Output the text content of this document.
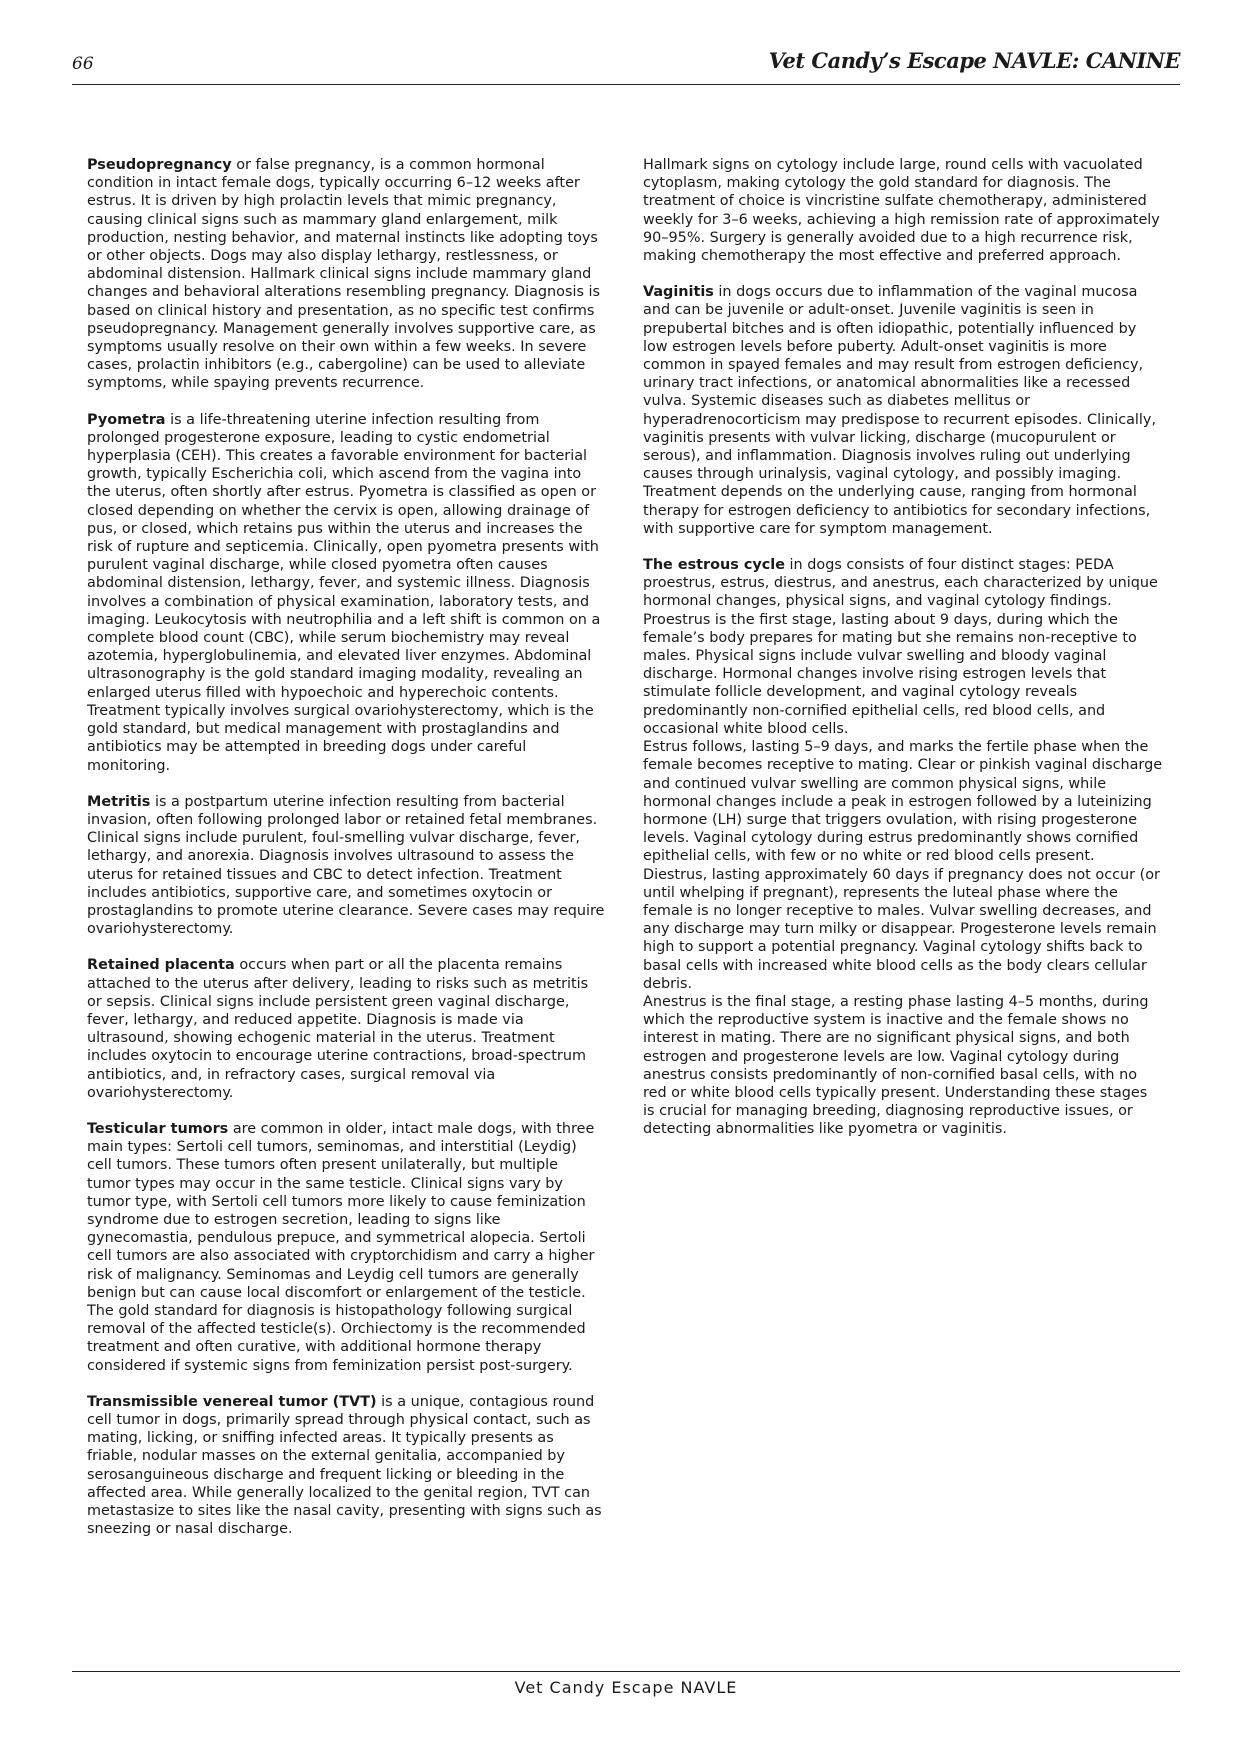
66	Vet Candy’s Escape NAVLE: CANINE

Pseudopregnancy or false pregnancy, is a common hormonal condition in intact female dogs, typically occurring 6–12 weeks after estrus. It is driven by high prolactin levels that mimic pregnancy, causing clinical signs such as mammary gland enlargement, milk production, nesting behavior, and maternal instincts like adopting toys or other objects. Dogs may also display lethargy, restlessness, or abdominal distension. Hallmark clinical signs include mammary gland changes and behavioral alterations resembling pregnancy. Diagnosis is based on clinical history and presentation, as no specific test confirms pseudopregnancy. Management generally involves supportive care, as symptoms usually resolve on their own within a few weeks. In severe cases, prolactin inhibitors (e.g., cabergoline) can be used to alleviate symptoms, while spaying prevents recurrence.

Pyometra is a life-threatening uterine infection resulting from prolonged progesterone exposure, leading to cystic endometrial hyperplasia (CEH). This creates a favorable environment for bacterial growth, typically Escherichia coli, which ascend from the vagina into the uterus, often shortly after estrus. Pyometra is classified as open or closed depending on whether the cervix is open, allowing drainage of pus, or closed, which retains pus within the uterus and increases the risk of rupture and septicemia. Clinically, open pyometra presents with purulent vaginal discharge, while closed pyometra often causes abdominal distension, lethargy, fever, and systemic illness. Diagnosis involves a combination of physical examination, laboratory tests, and imaging. Leukocytosis with neutrophilia and a left shift is common on a complete blood count (CBC), while serum biochemistry may reveal azotemia, hyperglobulinemia, and elevated liver enzymes. Abdominal ultrasonography is the gold standard imaging modality, revealing an enlarged uterus filled with hypoechoic and hyperechoic contents. Treatment typically involves surgical ovariohysterectomy, which is the gold standard, but medical management with prostaglandins and antibiotics may be attempted in breeding dogs under careful monitoring.

Metritis is a postpartum uterine infection resulting from bacterial invasion, often following prolonged labor or retained fetal membranes. Clinical signs include purulent, foul-smelling vulvar discharge, fever, lethargy, and anorexia. Diagnosis involves ultrasound to assess the uterus for retained tissues and CBC to detect infection. Treatment includes antibiotics, supportive care, and sometimes oxytocin or prostaglandins to promote uterine clearance. Severe cases may require ovariohysterectomy.

Retained placenta occurs when part or all the placenta remains attached to the uterus after delivery, leading to risks such as metritis or sepsis. Clinical signs include persistent green vaginal discharge, fever, lethargy, and reduced appetite. Diagnosis is made via ultrasound, showing echogenic material in the uterus. Treatment includes oxytocin to encourage uterine contractions, broad-spectrum antibiotics, and, in refractory cases, surgical removal via ovariohysterectomy.

Testicular tumors are common in older, intact male dogs, with three main types: Sertoli cell tumors, seminomas, and interstitial (Leydig) cell tumors. These tumors often present unilaterally, but multiple tumor types may occur in the same testicle. Clinical signs vary by tumor type, with Sertoli cell tumors more likely to cause feminization syndrome due to estrogen secretion, leading to signs like gynecomastia, pendulous prepuce, and symmetrical alopecia. Sertoli cell tumors are also associated with cryptorchidism and carry a higher risk of malignancy. Seminomas and Leydig cell tumors are generally benign but can cause local discomfort or enlargement of the testicle. The gold standard for diagnosis is histopathology following surgical removal of the affected testicle(s). Orchiectomy is the recommended treatment and often curative, with additional hormone therapy considered if systemic signs from feminization persist post-surgery.

Transmissible venereal tumor (TVT) is a unique, contagious round cell tumor in dogs, primarily spread through physical contact, such as mating, licking, or sniffing infected areas. It typically presents as friable, nodular masses on the external genitalia, accompanied by serosanguineous discharge and frequent licking or bleeding in the affected area. While generally localized to the genital region, TVT can metastasize to sites like the nasal cavity, presenting with signs such as sneezing or nasal discharge.

Hallmark signs on cytology include large, round cells with vacuolated cytoplasm, making cytology the gold standard for diagnosis. The treatment of choice is vincristine sulfate chemotherapy, administered weekly for 3–6 weeks, achieving a high remission rate of approximately 90–95%. Surgery is generally avoided due to a high recurrence risk, making chemotherapy the most effective and preferred approach.

Vaginitis in dogs occurs due to inflammation of the vaginal mucosa and can be juvenile or adult-onset. Juvenile vaginitis is seen in prepubertal bitches and is often idiopathic, potentially influenced by low estrogen levels before puberty. Adult-onset vaginitis is more common in spayed females and may result from estrogen deficiency, urinary tract infections, or anatomical abnormalities like a recessed vulva. Systemic diseases such as diabetes mellitus or hyperadrenocorticism may predispose to recurrent episodes. Clinically, vaginitis presents with vulvar licking, discharge (mucopurulent or serous), and inflammation. Diagnosis involves ruling out underlying causes through urinalysis, vaginal cytology, and possibly imaging. Treatment depends on the underlying cause, ranging from hormonal therapy for estrogen deficiency to antibiotics for secondary infections, with supportive care for symptom management.

The estrous cycle in dogs consists of four distinct stages: PEDA proestrus, estrus, diestrus, and anestrus, each characterized by unique hormonal changes, physical signs, and vaginal cytology findings.

Proestrus is the first stage, lasting about 9 days, during which the female’s body prepares for mating but she remains non-receptive to males. Physical signs include vulvar swelling and bloody vaginal discharge. Hormonal changes involve rising estrogen levels that stimulate follicle development, and vaginal cytology reveals predominantly non-cornified epithelial cells, red blood cells, and occasional white blood cells.

Estrus follows, lasting 5–9 days, and marks the fertile phase when the female becomes receptive to mating. Clear or pinkish vaginal discharge and continued vulvar swelling are common physical signs, while hormonal changes include a peak in estrogen followed by a luteinizing hormone (LH) surge that triggers ovulation, with rising progesterone levels. Vaginal cytology during estrus predominantly shows cornified epithelial cells, with few or no white or red blood cells present.

Diestrus, lasting approximately 60 days if pregnancy does not occur (or until whelping if pregnant), represents the luteal phase where the female is no longer receptive to males. Vulvar swelling decreases, and any discharge may turn milky or disappear. Progesterone levels remain high to support a potential pregnancy. Vaginal cytology shifts back to basal cells with increased white blood cells as the body clears cellular debris.

Anestrus is the final stage, a resting phase lasting 4–5 months, during which the reproductive system is inactive and the female shows no interest in mating. There are no significant physical signs, and both estrogen and progesterone levels are low. Vaginal cytology during anestrus consists predominantly of non-cornified basal cells, with no red or white blood cells typically present. Understanding these stages is crucial for managing breeding, diagnosing reproductive issues, or detecting abnormalities like pyometra or vaginitis.

Vet Candy Escape NAVLE
